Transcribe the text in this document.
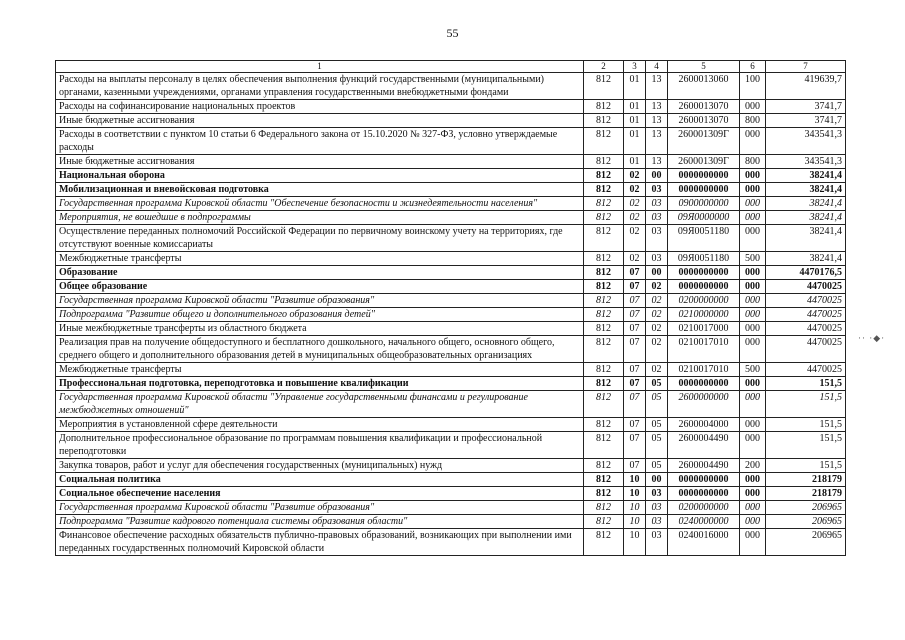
55
1	2	3	4	5	6	7
Расходы на выплаты персоналу в целях обеспечения выполнения функций государственными (муниципальными) органами, казенными учреждениями, органами управления государственными внебюджетными фондами	812	01	13	2600013060	100	419639,7
Расходы на софинансирование национальных проектов	812	01	13	2600013070	000	3741,7
Иные бюджетные ассигнования	812	01	13	2600013070	800	3741,7
Расходы в соответствии с пунктом 10 статьи 6 Федерального закона от 15.10.2020 № 327-ФЗ, условно утверждаемые расходы	812	01	13	260001309Г	000	343541,3
Иные бюджетные ассигнования	812	01	13	260001309Г	800	343541,3
Национальная оборона	812	02	00	0000000000	000	38241,4
Мобилизационная и вневойсковая подготовка	812	02	03	0000000000	000	38241,4
Государственная программа Кировской области "Обеспечение безопасности и жизнедеятельности населения"	812	02	03	0900000000	000	38241,4
Мероприятия, не вошедшие в подпрограммы	812	02	03	09Я0000000	000	38241,4
Осуществление переданных полномочий Российской Федерации по первичному воинскому учету на территориях, где отсутствуют военные комиссариаты	812	02	03	09Я0051180	000	38241,4
Межбюджетные трансферты	812	02	03	09Я0051180	500	38241,4
Образование	812	07	00	0000000000	000	4470176,5
Общее образование	812	07	02	0000000000	000	4470025
Государственная программа Кировской области "Развитие образования"	812	07	02	0200000000	000	4470025
Подпрограмма "Развитие общего и дополнительного образования детей"	812	07	02	0210000000	000	4470025
Иные межбюджетные трансферты из областного бюджета	812	07	02	0210017000	000	4470025
Реализация прав на получение общедоступного и бесплатного дошкольного, начального общего, основного общего, среднего общего и дополнительного образования детей в муниципальных общеобразовательных организациях	812	07	02	0210017010	000	4470025
Межбюджетные трансферты	812	07	02	0210017010	500	4470025
Профессиональная подготовка, переподготовка и повышение квалификации	812	07	05	0000000000	000	151,5
Государственная программа Кировской области "Управление государственными финансами и регулирование межбюджетных отношений"	812	07	05	2600000000	000	151,5
Мероприятия в установленной сфере деятельности	812	07	05	2600004000	000	151,5
Дополнительное профессиональное образование по программам повышения квалификации и профессиональной переподготовки	812	07	05	2600004490	000	151,5
Закупка товаров, работ и услуг для обеспечения государственных (муниципальных) нужд	812	07	05	2600004490	200	151,5
Социальная политика	812	10	00	0000000000	000	218179
Социальное обеспечение населения	812	10	03	0000000000	000	218179
Государственная программа Кировской области "Развитие образования"	812	10	03	0200000000	000	206965
Подпрограмма "Развитие кадрового потенциала системы образования области"	812	10	03	0240000000	000	206965
Финансовое обеспечение расходных обязательств публично-правовых образований, возникающих при выполнении ими переданных государственных полномочий Кировской области	812	10	03	0240016000	000	206965
·· ·◆·
